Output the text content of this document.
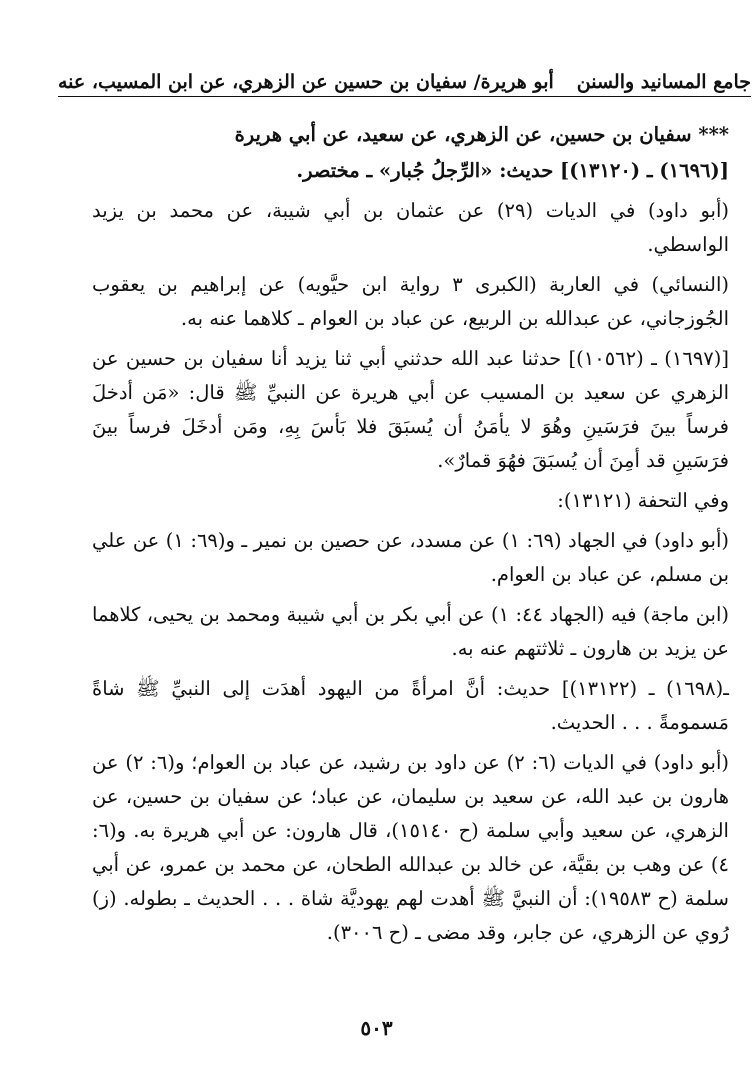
أبو هريرة/ سفيان بن حسين عن الزهري، عن ابن المسيب، عنه جامع المسانيد والسنن

*** سفيان بن حسين، عن الزهري، عن سعيد، عن أبي هريرة

[(١٦٩٦) ـ (١٣١٢٠)] حديث: «الرِّجلُ جُبار» ـ مختصر.

(أبو داود) في الديات (٢٩) عن عثمان بن أبي شيبة، عن محمد بن يزيد الواسطي.

(النسائي) في العاربة (الكبرى ٣ رواية ابن حيَّويه) عن إبراهيم بن يعقوب الجُوزجاني، عن عبدالله بن الربيع، عن عباد بن العوام ـ كلاهما عنه به.

[(١٦٩٧) ـ (١٠٥٦٢)] حدثنا عبد الله حدثني أبي ثنا يزيد أنا سفيان بن حسين عن الزهري عن سعيد بن المسيب عن أبي هريرة عن النبيِّ ﷺ قال: «مَن أدخلَ فرساً بينَ فرَسَينِ وهُوَ لا يأمَنُ أن يُسبَقَ فلا بَأسَ بِهِ، ومَن أدخَلَ فرساً بينَ فرَسَينِ قد أمِنَ أن يُسبَقَ فهُوَ قمارٌ».

وفي التحفة (١٣١٢١):

(أبو داود) في الجهاد (٦٩: ١) عن مسدد، عن حصين بن نمير ـ و(٦٩: ١) عن علي بن مسلم، عن عباد بن العوام.

(ابن ماجة) فيه (الجهاد ٤٤: ١) عن أبي بكر بن أبي شيبة ومحمد بن يحيى، كلاهما عن يزيد بن هارون ـ ثلاثتهم عنه به.

ـ(١٦٩٨) ـ (١٣١٢٢)] حديث: أنَّ امرأةً من اليهود أهدَت إلى النبيِّ ﷺ شاةً مَسمومةً . . . الحديث.

(أبو داود) في الديات (٦: ٢) عن داود بن رشيد، عن عباد بن العوام؛ و(٦: ٢) عن هارون بن عبد الله، عن سعيد بن سليمان، عن عباد؛ عن سفيان بن حسين، عن الزهري، عن سعيد وأبي سلمة (ح ١٥١٤٠)، قال هارون: عن أبي هريرة به. و(٦: ٤) عن وهب بن بقيَّة، عن خالد بن عبدالله الطحان، عن محمد بن عمرو، عن أبي سلمة (ح ١٩٥٨٣): أن النبيَّ ﷺ أهدت لهم يهوديَّة شاة . . . الحديث ـ بطوله. (ز) رُوي عن الزهري، عن جابر، وقد مضى ـ (ح ٣٠٠٦).

٥٠٣
